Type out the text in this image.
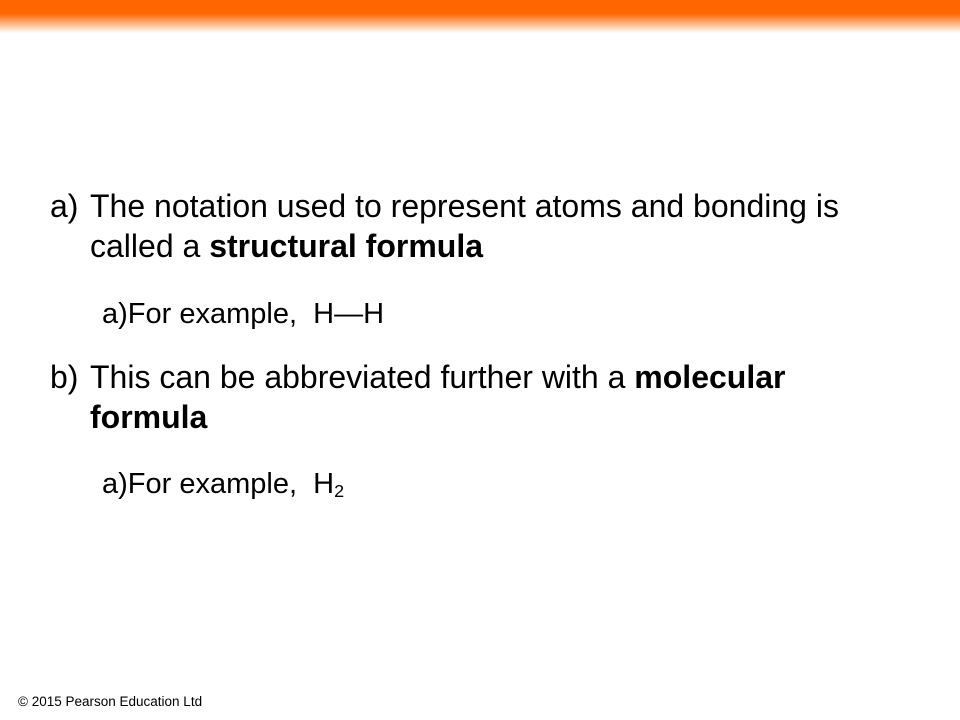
a) The notation used to represent atoms and bonding is
called a structural formula
a)For example,  H—H
b) This can be abbreviated further with a molecular
formula
a)For example,  H2
© 2015 Pearson Education Ltd
